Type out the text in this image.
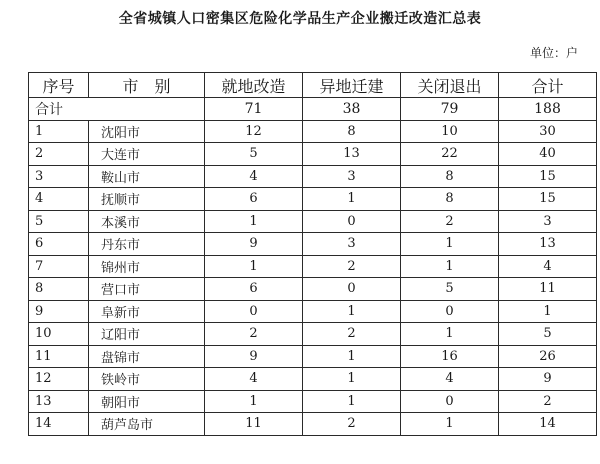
全省城镇人口密集区危险化学品生产企业搬迁改造汇总表
单位：户
序号	市　别	就地改造	异地迁建	关闭退出	合计
合计		71	38	79	188
1	沈阳市	12	8	10	30
2	大连市	5	13	22	40
3	鞍山市	4	3	8	15
4	抚顺市	6	1	8	15
5	本溪市	1	0	2	3
6	丹东市	9	3	1	13
7	锦州市	1	2	1	4
8	营口市	6	0	5	11
9	阜新市	0	1	0	1
10	辽阳市	2	2	1	5
11	盘锦市	9	1	16	26
12	铁岭市	4	1	4	9
13	朝阳市	1	1	0	2
14	葫芦岛市	11	2	1	14
